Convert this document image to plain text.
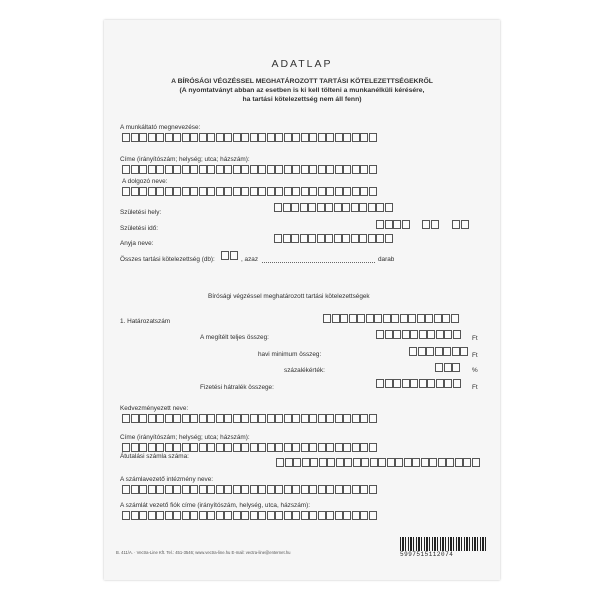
ADATLAP
A BÍRÓSÁGI VÉGZÉSSEL MEGHATÁROZOTT TARTÁSI KÖTELEZETTSÉGEKRŐL
(A nyomtatványt abban az esetben is ki kell tölteni a munkanélküli kérésére,
ha tartási kötelezettség nem áll fenn)
A munkáltató megnevezése:
Címe (irányítószám; helység; utca; házszám):
A dolgozó neve:
Születési hely:
Születési idő:
Anyja neve:
Összes tartási kötelezettség (db):	, azaz	darab
Bírósági végzéssel meghatározott tartási kötelezettségek
1. Határozatszám
A megítélt teljes összeg:	Ft
havi minimum összeg:	Ft
százalékérték:	%
Fizetési hátralék összege:	Ft
Kedvezményezett neve:
Címe (irányítószám; helység; utca; házszám):
Átutalási számla száma:
A számlavezető intézmény neve:
A számlát vezető fiók címe (irányítószám, helység, utca, házszám):
B. 411/A. · Vectra-Line Kft. Tel.: 451-3546; www.vectra-line.hu E-mail: vectra-line@enternet.hu	5997515112074
